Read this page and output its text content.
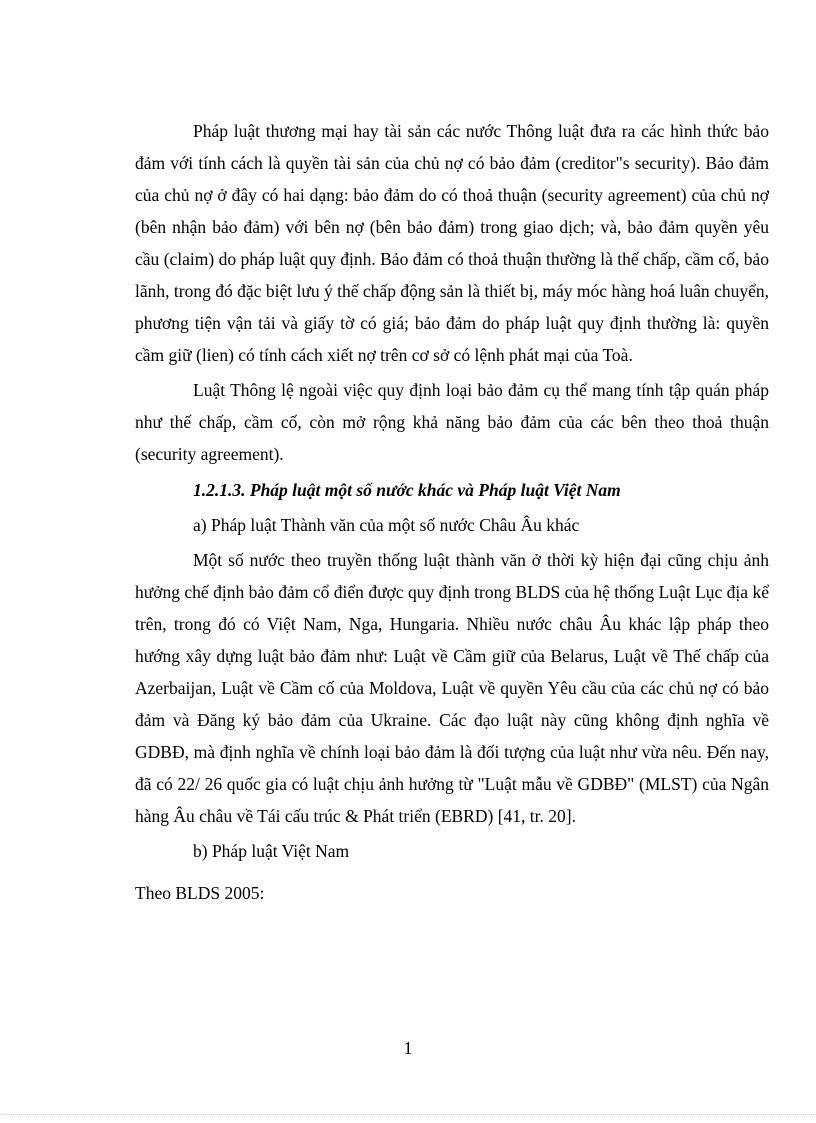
Pháp luật thương mại hay tài sản các nước Thông luật đưa ra các hình thức bảo đảm với tính cách là quyền tài sản của chủ nợ có bảo đảm (creditor"s security). Bảo đảm của chủ nợ ở đây có hai dạng: bảo đảm do có thoả thuận (security agreement) của chủ nợ (bên nhận bảo đảm) với bên nợ (bên bảo đảm) trong giao dịch; và, bảo đảm quyền yêu cầu (claim) do pháp luật quy định. Bảo đảm có thoả thuận thường là thế chấp, cầm cố, bảo lãnh, trong đó đặc biệt lưu ý thế chấp động sản là thiết bị, máy móc hàng hoá luân chuyển, phương tiện vận tải và giấy tờ có giá; bảo đảm do pháp luật quy định thường là: quyền cầm giữ (lien) có tính cách xiết nợ trên cơ sở có lệnh phát mại của Toà.

Luật Thông lệ ngoài việc quy định loại bảo đảm cụ thể mang tính tập quán pháp như thế chấp, cầm cố, còn mở rộng khả năng bảo đảm của các bên theo thoả thuận (security agreement).

1.2.1.3. Pháp luật một số nước khác và Pháp luật Việt Nam

a) Pháp luật Thành văn của một số nước Châu Âu khác

Một số nước theo truyền thống luật thành văn ở thời kỳ hiện đại cũng chịu ảnh hưởng chế định bảo đảm cổ điển được quy định trong BLDS của hệ thống Luật Lục địa kể trên, trong đó có Việt Nam, Nga, Hungaria. Nhiều nước châu Âu khác lập pháp theo hướng xây dựng luật bảo đảm như: Luật về Cầm giữ của Belarus, Luật về Thế chấp của Azerbaijan, Luật về Cầm cố của Moldova, Luật về quyền Yêu cầu của các chủ nợ có bảo đảm và Đăng ký bảo đảm của Ukraine. Các đạo luật này cũng không định nghĩa về GDBĐ, mà định nghĩa về chính loại bảo đảm là đối tượng của luật như vừa nêu. Đến nay, đã có 22/ 26 quốc gia có luật chịu ảnh hưởng từ "Luật mẫu về GDBĐ" (MLST) của Ngân hàng Âu châu về Tái cấu trúc & Phát triển (EBRD) [41, tr. 20].

b) Pháp luật Việt Nam

Theo BLDS 2005:

1
